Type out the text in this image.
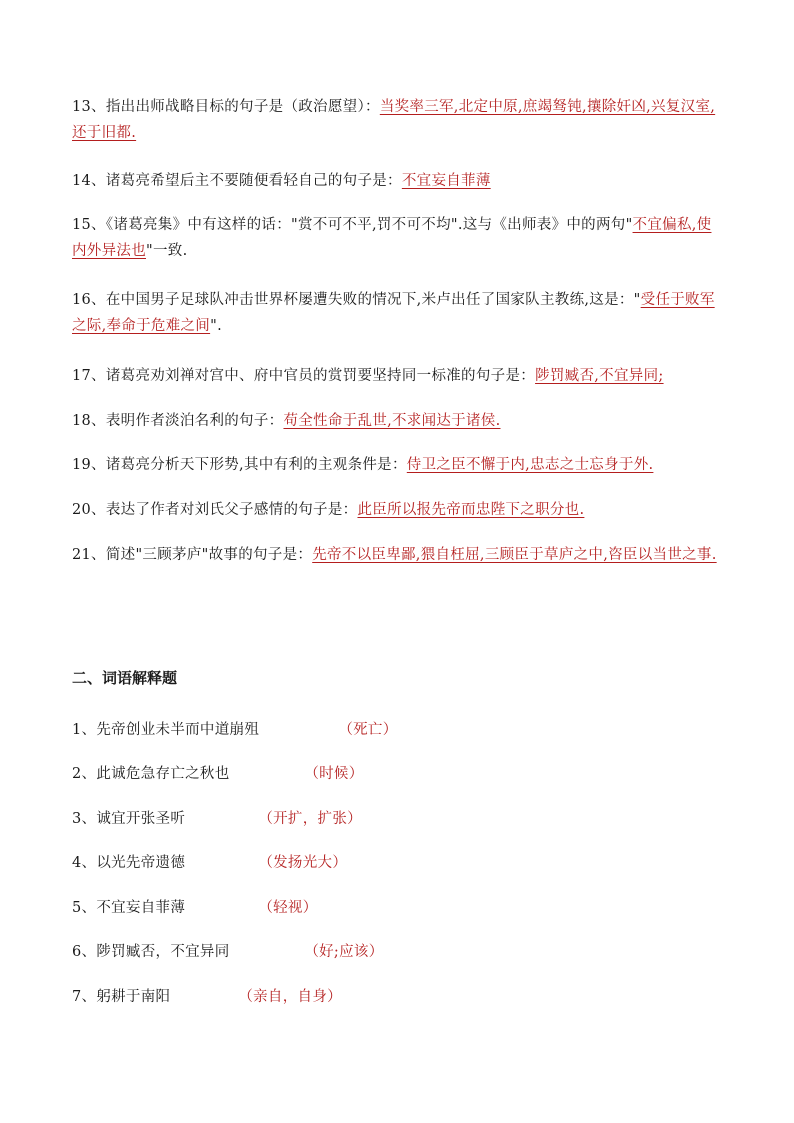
13、指出出师战略目标的句子是（政治愿望）：当奖率三军,北定中原,庶竭驽钝,攘除奸凶,兴复汉室,还于旧都.
14、诸葛亮希望后主不要随便看轻自己的句子是：不宜妄自菲薄
15、《诸葛亮集》中有这样的话："赏不可不平,罚不可不均".这与《出师表》中的两句"不宜偏私,使内外异法也"一致.
16、在中国男子足球队冲击世界杯屡遭失败的情况下,米卢出任了国家队主教练,这是："受任于败军之际,奉命于危难之间".
17、诸葛亮劝刘禅对宫中、府中官员的赏罚要坚持同一标准的句子是：陟罚臧否,不宜异同;
18、表明作者淡泊名利的句子：苟全性命于乱世,不求闻达于诸侯.
19、诸葛亮分析天下形势,其中有利的主观条件是：侍卫之臣不懈于内,忠志之士忘身于外.
20、表达了作者对刘氏父子感情的句子是：此臣所以报先帝而忠陛下之职分也.
21、简述"三顾茅庐"故事的句子是：先帝不以臣卑鄙,猥自枉屈,三顾臣于草庐之中,咨臣以当世之事.
二、词语解释题
1、先帝创业未半而中道崩殂	（死亡）
2、此诚危急存亡之秋也	（时候）
3、诚宜开张圣听	（开扩，扩张）
4、以光先帝遗德	（发扬光大）
5、不宜妄自菲薄	（轻视）
6、陟罚臧否，不宜异同	（好;应该）
7、躬耕于南阳	（亲自，自身）
